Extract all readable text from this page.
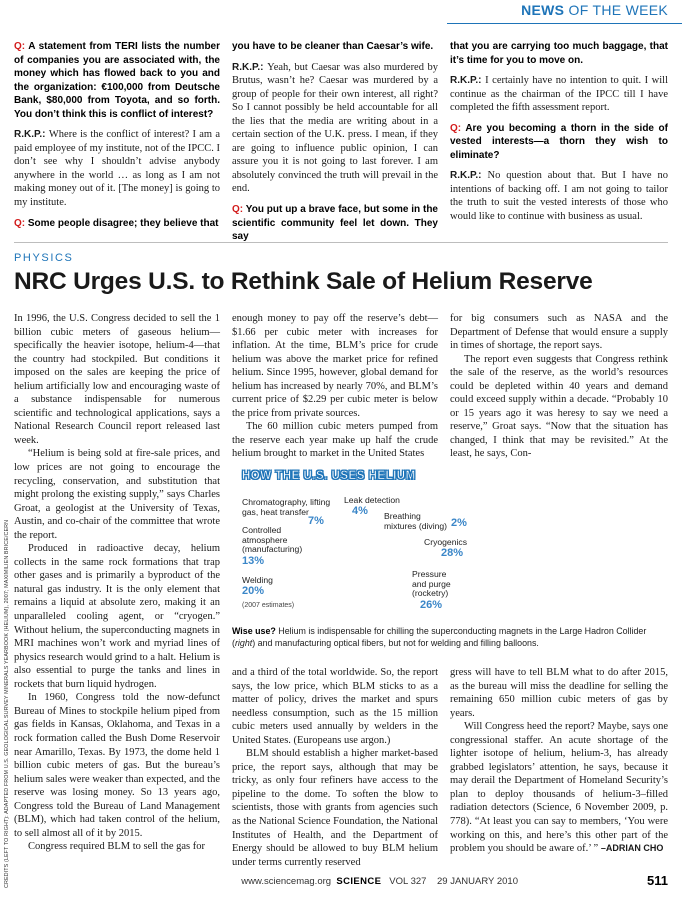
NEWS OF THE WEEK

Q: A statement from TERI lists the number of companies you are associated with, the money which has flowed back to you and the organization: €100,000 from Deutsche Bank, $80,000 from Toyota, and so forth. You don’t think this is conflict of interest?

R.K.P.: Where is the conflict of interest? I am a paid employee of my institute, not of the IPCC. I don’t see why I shouldn’t advise anybody anywhere in the world … as long as I am not making money out of it. [The money] is going to my institute.

Q: Some people disagree; they believe that

you have to be cleaner than Caesar’s wife.

R.K.P.: Yeah, but Caesar was also murdered by Brutus, wasn’t he? Caesar was murdered by a group of people for their own interest, all right? So I cannot possibly be held accountable for all the lies that the media are writing about in a certain section of the U.K. press. I mean, if they are going to influence public opinion, I can assure you it is not going to last forever. I am absolutely convinced the truth will prevail in the end.

Q: You put up a brave face, but some in the scientific community feel let down. They say

that you are carrying too much baggage, that it’s time for you to move on.

R.K.P.: I certainly have no intention to quit. I will continue as the chairman of the IPCC till I have completed the fifth assessment report.

Q: Are you becoming a thorn in the side of vested interests—a thorn they wish to eliminate?

R.K.P.: No question about that. But I have no intentions of backing off. I am not going to tailor the truth to suit the vested interests of those who would like to continue with business as usual.

PHYSICS
NRC Urges U.S. to Rethink Sale of Helium Reserve

In 1996, the U.S. Congress decided to sell the 1 billion cubic meters of gaseous helium—specifically the heavier isotope, helium-4—that the country had stockpiled. But conditions it imposed on the sales are keeping the price of helium artificially low and encouraging waste of a substance indispensable for numerous scientific and technological applications, says a National Research Council report released last week.

“Helium is being sold at fire-sale prices, and low prices are not going to encourage the recycling, conservation, and substitution that might prolong the existing supply,” says Charles Groat, a geologist at the University of Texas, Austin, and co-chair of the committee that wrote the report.

Produced in radioactive decay, helium collects in the same rock formations that trap other gases and is primarily a byproduct of the natural gas industry. It is the only element that remains a liquid at absolute zero, making it an unparalleled cooling agent, or “cryogen.” Without helium, the superconducting magnets in MRI machines won’t work and myriad lines of physics research would grind to a halt. Helium is also essential to purge the tanks and lines in rockets that burn liquid hydrogen.

In 1960, Congress told the now-defunct Bureau of Mines to stockpile helium piped from gas fields in Kansas, Oklahoma, and Texas in a rock formation called the Bush Dome Reservoir near Amarillo, Texas. By 1973, the dome held 1 billion cubic meters of gas. But the bureau’s helium sales were weaker than expected, and the reserve was losing money. So 13 years ago, Congress told the Bureau of Land Management (BLM), which had taken control of the helium, to sell almost all of it by 2015.

Congress required BLM to sell the gas for

enough money to pay off the reserve’s debt—$1.66 per cubic meter with increases for inflation. At the time, BLM’s price for crude helium was above the market price for refined helium. Since 1995, however, global demand for helium has increased by nearly 70%, and BLM’s current price of $2.29 per cubic meter is below the price from private sources.

The 60 million cubic meters pumped from the reserve each year make up half the crude helium brought to market in the United States

for big consumers such as NASA and the Department of Defense that would ensure a supply in times of shortage, the report says.

The report even suggests that Congress rethink the sale of the reserve, as the world’s resources could be depleted within 40 years and demand could exceed supply within a decade. “Probably 10 or 15 years ago it was heresy to say we need a reserve,” Groat says. “Now that the situation has changed, I think that may be revisited.” At the least, he says, Con-

and a third of the total worldwide. So, the report says, the low price, which BLM sticks to as a matter of policy, drives the market and spurs needless consumption, such as the 15 million cubic meters used annually by welders in the United States. (Europeans use argon.)

BLM should establish a higher market-based price, the report says, although that may be tricky, as only four refiners have access to the pipeline to the dome. To soften the blow to scientists, those with grants from agencies such as the National Science Foundation, the National Institutes of Health, and the Department of Energy should be allowed to buy BLM helium under terms currently reserved

gress will have to tell BLM what to do after 2015, as the bureau will miss the deadline for selling the remaining 650 million cubic meters of gas by years.

Will Congress heed the report? Maybe, says one congressional staffer. An acute shortage of the lighter isotope of helium, helium-3, has already grabbed legislators’ attention, he says, because it may derail the Department of Homeland Security’s plan to deploy thousands of helium-3–filled radiation detectors (Science, 6 November 2009, p. 778). “At least you can say to members, ‘You were working on this, and here’s this other part of the problem you should be aware of.’ ” –ADRIAN CHO

CREDITS (LEFT TO RIGHT): ADAPTED FROM U.S. GEOLOGICAL SURVEY MINERALS YEARBOOK (HELIUM), 2007; MAXIMILIEN BRICE/CERN
HOW THE U.S. USES HELIUM
Chromatography, lifting gas, heat transfer
7%
Leak detection
4% Breathing mixtures (diving) 2%
Controlled atmosphere (manufacturing)
13%
Cryogenics
28%
Welding
20%
Pressure and purge (rocketry)
26%
(2007 estimates)
Wise use? Helium is indispensable for chilling the superconducting magnets in the Large Hadron Collider (right) and manufacturing optical fibers, but not for welding and filling balloons.
www.sciencemag.org SCIENCE VOL 327 29 JANUARY 2010	511
